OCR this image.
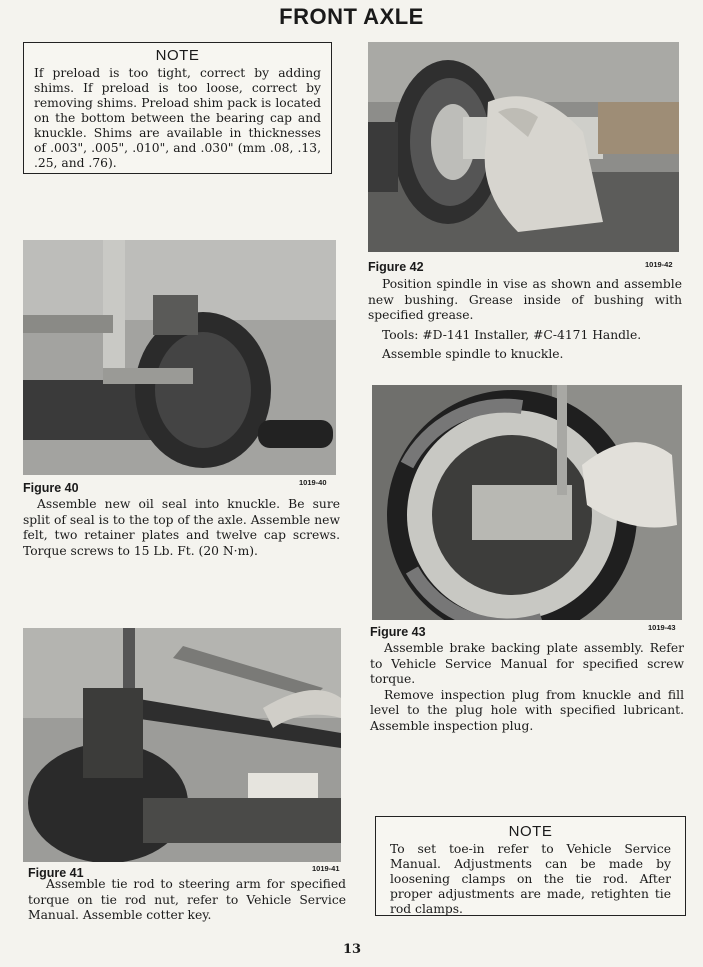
FRONT AXLE
NOTE
If preload is too tight, correct by adding shims. If preload is too loose, correct by removing shims. Preload shim pack is located on the bottom between the bearing cap and knuckle. Shims are available in thicknesses of .003", .005", .010", and .030" (mm .08, .13, .25, and .76).
Figure 42	1019-42

Position spindle in vise as shown and assemble new bushing. Grease inside of bushing with specified grease.

Tools: #D-141 Installer, #C-4171 Handle.

Assemble spindle to knuckle.

Figure 40	1019-40

Assemble new oil seal into knuckle. Be sure split of seal is to the top of the axle. Assemble new felt, two retainer plates and twelve cap screws. Torque screws to 15 Lb. Ft. (20 N·m).

Figure 43	1019-43

Assemble brake backing plate assembly. Refer to Vehicle Service Manual for specified screw torque.

Remove inspection plug from knuckle and fill level to the plug hole with specified lubricant. Assemble inspection plug.

Figure 41	1019-41

Assemble tie rod to steering arm for specified torque on tie rod nut, refer to Vehicle Service Manual. Assemble cotter key.

NOTE
To set toe-in refer to Vehicle Service Manual. Adjustments can be made by loosening clamps on the tie rod. After proper adjustments are made, retighten tie rod clamps.
13
